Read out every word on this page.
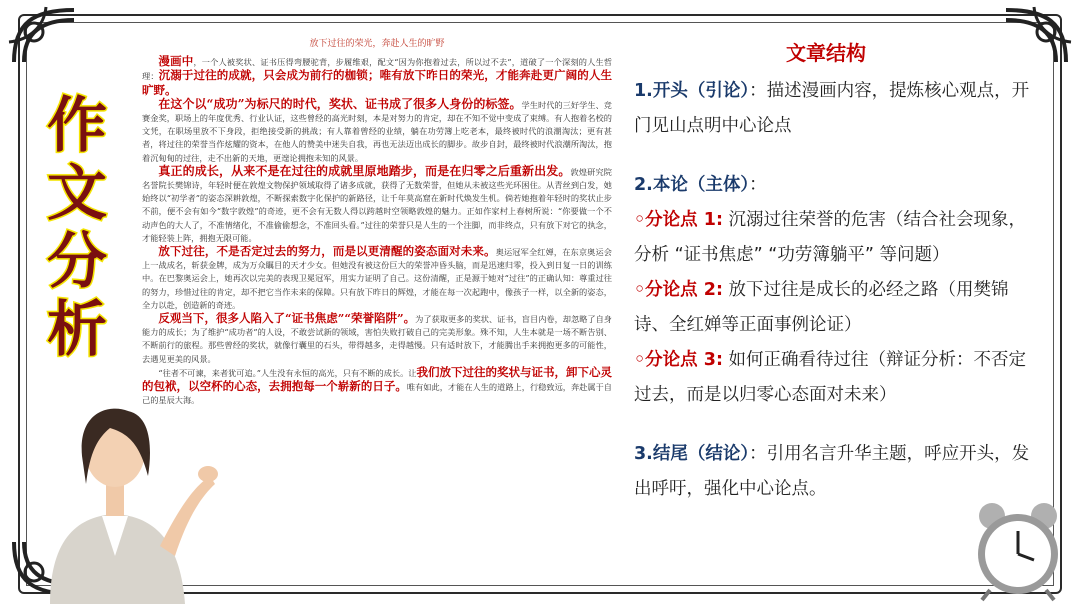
作
文
分
析
放下过往的荣光，奔赴人生的旷野

漫画中，一个人被奖状、证书压得弯腰驼背，步履维艰，配文“因为你抱着过去，所以过不去”，道破了一个深刻的人生哲理：沉溺于过往的成就，只会成为前行的枷锁；唯有放下昨日的荣光，才能奔赴更广阔的人生旷野。

在这个以“成功”为标尺的时代，奖状、证书成了很多人身份的标签。学生时代的三好学生、竞赛金奖，职场上的年度优秀、行业认证，这些曾经的高光时刻，本是对努力的肯定，却在不知不觉中变成了束缚。有人抱着名校的文凭，在职场里放不下身段，拒绝接受新的挑战；有人靠着曾经的业绩，躺在功劳簿上吃老本，最终被时代的浪潮淘汰；更有甚者，将过往的荣誉当作炫耀的资本，在他人的赞美中迷失自我，再也无法迈出成长的脚步。故步自封，最终被时代浪潮所淘汰，抱着沉甸甸的过往，走不出新的天地，更遑论拥抱未知的风景。

真正的成长，从来不是在过往的成就里原地踏步，而是在归零之后重新出发。敦煌研究院名誉院长樊锦诗，年轻时便在敦煌文物保护领域取得了诸多成就，获得了无数荣誉，但她从未被这些光环困住。从青丝到白发，她始终以“初学者”的姿态深耕敦煌，不断探索数字化保护的新路径，让千年莫高窟在新时代焕发生机。倘若她抱着年轻时的奖状止步不前，便不会有如今“数字敦煌”的奇迹，更不会有无数人得以跨越时空领略敦煌的魅力。正如作家村上春树所说：“你要做一个不动声色的大人了，不准情绪化，不准偷偷想念，不准回头看。”过往的荣誉只是人生的一个注脚，而非终点，只有放下对它的执念，才能轻装上阵，拥抱无限可能。

放下过往，不是否定过去的努力，而是以更清醒的姿态面对未来。奥运冠军全红婵，在东京奥运会上一战成名，斩获金牌，成为万众瞩目的天才少女。但她没有被这份巨大的荣誉冲昏头脑，而是迅速归零，投入到日复一日的训练中。在巴黎奥运会上，她再次以完美的表现卫冕冠军，用实力证明了自己。这份清醒，正是源于她对“过往”的正确认知：尊重过往的努力，珍惜过往的肯定，却不把它当作未来的保障。只有放下昨日的辉煌，才能在每一次起跑中，像孩子一样，以全新的姿态，全力以赴，创造新的奇迹。

反观当下，很多人陷入了“证书焦虑”“荣誉陷阱”。为了获取更多的奖状、证书，盲目内卷，却忽略了自身能力的成长；为了维护“成功者”的人设，不敢尝试新的领域，害怕失败打破自己的完美形象。殊不知，人生本就是一场不断告别、不断前行的旅程。那些曾经的奖状，就像行囊里的石头，带得越多，走得越慢。只有适时放下，才能腾出手来拥抱更多的可能性，去遇见更美的风景。

“往者不可谏，来者犹可追。”人生没有永恒的高光，只有不断的成长。让我们放下过往的奖状与证书，卸下心灵的包袱，以空杯的心态，去拥抱每一个崭新的日子。唯有如此，才能在人生的道路上，行稳致远，奔赴属于自己的星辰大海。

文章结构

1.开头（引论）：描述漫画内容，提炼核心观点，开门见山点明中心论点

2.本论（主体）：

◦分论点 1: 沉溺过往荣誉的危害（结合社会现象，分析 “证书焦虑” “功劳簿躺平” 等问题）

◦分论点 2: 放下过往是成长的必经之路（用樊锦诗、全红婵等正面事例论证）

◦分论点 3: 如何正确看待过往（辩证分析：不否定过去，而是以归零心态面对未来）

3.结尾（结论）：引用名言升华主题，呼应开头，发出呼吁，强化中心论点。
